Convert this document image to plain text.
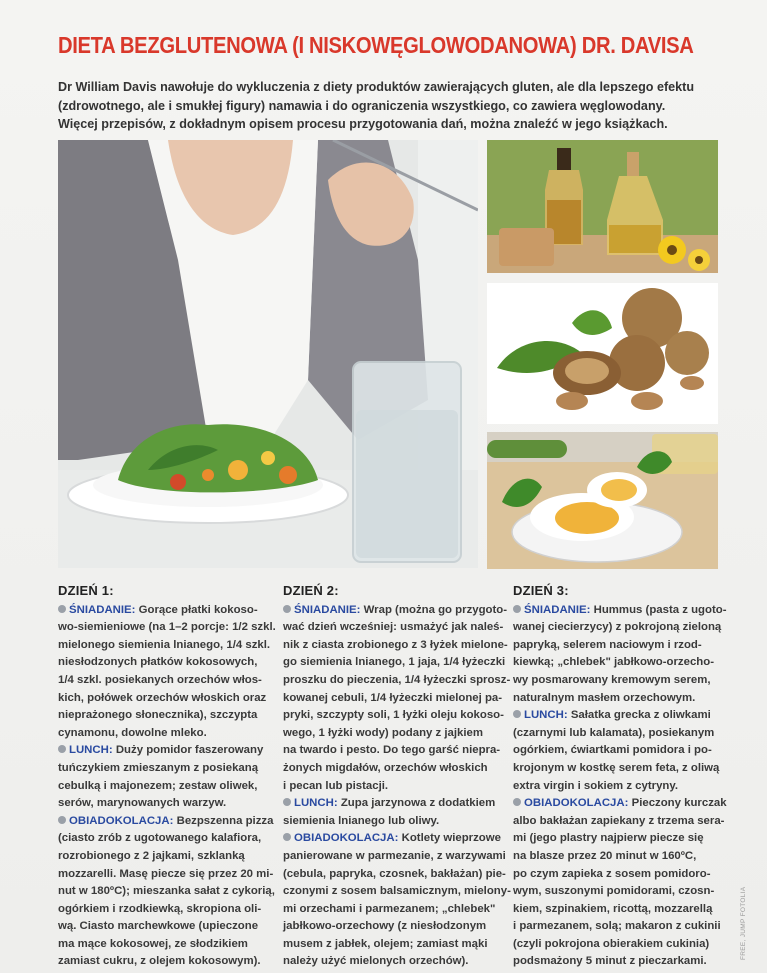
DIETA BEZGLUTENOWA (I NISKOWĘGLOWODANOWA) DR. DAVISA
Dr William Davis nawołuje do wykluczenia z diety produktów zawierających gluten, ale dla lepszego efektu
(zdrowotnego, ale i smukłej figury) namawia i do ograniczenia wszystkiego, co zawiera węglowodany.
Więcej przepisów, z dokładnym opisem procesu przygotowania dań, można znaleźć w jego książkach.
DZIEŃ 1:
ŚNIADANIE: Gorące płatki kokoso-
wo-siemieniowe (na 1–2 porcje: 1/2 szkl.
mielonego siemienia lnianego, 1/4 szkl.
niesłodzonych płatków kokosowych,
1/4 szkl. posiekanych orzechów włos-
kich, połówek orzechów włoskich oraz
nieprażonego słonecznika), szczypta
cynamonu, dowolne mleko.
LUNCH: Duży pomidor faszerowany
tuńczykiem zmieszanym z posiekaną
cebulką i majonezem; zestaw oliwek,
serów, marynowanych warzyw.
OBIADOKOLACJA: Bezpszenna pizza
(ciasto zrób z ugotowanego kalafiora,
rozrobionego z 2 jajkami, szklanką
mozzarelli. Masę piecze się przez 20 mi-
nut w 180ºC); mieszanka sałat z cykorią,
ogórkiem i rzodkiewką, skropiona oli-
wą. Ciasto marchewkowe (upieczone
ma mące kokosowej, ze słodzikiem
zamiast cukru, z olejem kokosowym).
DZIEŃ 2:
ŚNIADANIE: Wrap (można go przygoto-
wać dzień wcześniej: usmażyć jak naleś-
nik z ciasta zrobionego z 3 łyżek mielone-
go siemienia lnianego, 1 jaja, 1/4 łyżeczki
proszku do pieczenia, 1/4 łyżeczki sprosz-
kowanej cebuli, 1/4 łyżeczki mielonej pa-
pryki, szczypty soli, 1 łyżki oleju kokoso-
wego, 1 łyżki wody) podany z jajkiem
na twardo i pesto. Do tego garść niepra-
żonych migdałów, orzechów włoskich
i pecan lub pistacji.
LUNCH: Zupa jarzynowa z dodatkiem
siemienia lnianego lub oliwy.
OBIADOKOLACJA: Kotlety wieprzowe
panierowane w parmezanie, z warzywami
(cebula, papryka, czosnek, bakłażan) pie-
czonymi z sosem balsamicznym, mielony-
mi orzechami i parmezanem; „chlebek"
jabłkowo-orzechowy (z niesłodzonym
musem z jabłek, olejem; zamiast mąki
należy użyć mielonych orzechów).
DZIEŃ 3:
ŚNIADANIE: Hummus (pasta z ugoto-
wanej ciecierzycy) z pokrojoną zieloną
papryką, selerem naciowym i rzod-
kiewką; „chlebek" jabłkowo-orzecho-
wy posmarowany kremowym serem,
naturalnym masłem orzechowym.
LUNCH: Sałatka grecka z oliwkami
(czarnymi lub kalamata), posiekanym
ogórkiem, ćwiartkami pomidora i po-
krojonym w kostkę serem feta, z oliwą
extra virgin i sokiem z cytryny.
OBIADOKOLACJA: Pieczony kurczak
albo bakłażan zapiekany z trzema sera-
mi (jego plastry najpierw piecze się
na blasze przez 20 minut w 160ºC,
po czym zapieka z sosem pomidoro-
wym, suszonymi pomidorami, czosn-
kiem, szpinakiem, ricottą, mozzarellą
i parmezanem, solą; makaron z cukinii
(czyli pokrojona obierakiem cukinia)
podsmażony 5 minut z pieczarkami.
FREE, JUMP FOTOLIA
